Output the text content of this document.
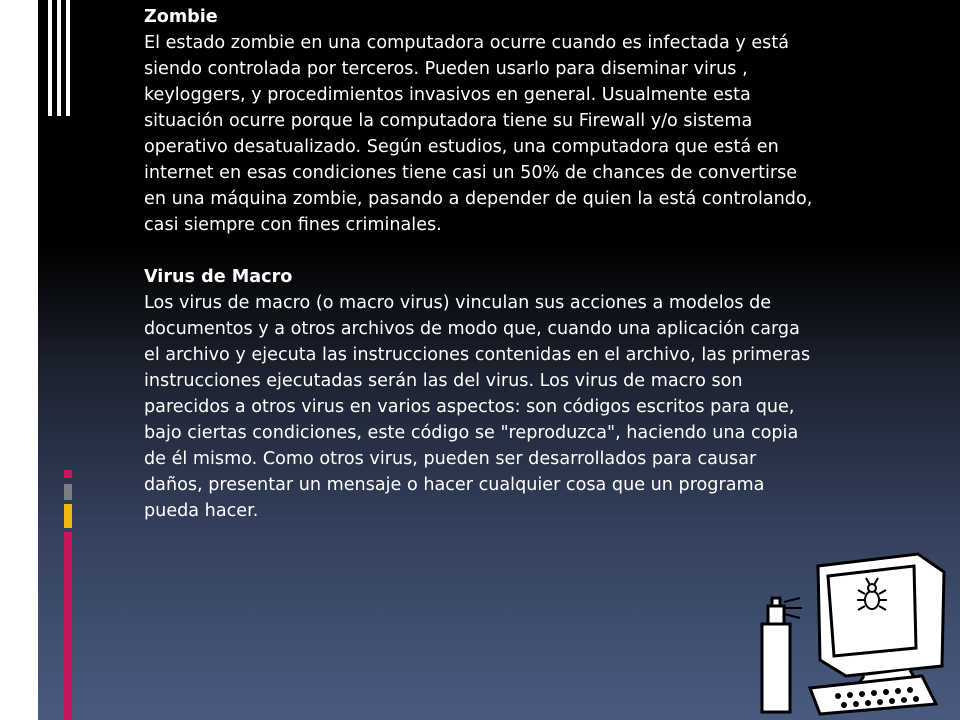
Zombie

El estado zombie en una computadora ocurre cuando es infectada y está siendo controlada por terceros. Pueden usarlo para diseminar virus , keyloggers, y procedimientos invasivos en general. Usualmente esta situación ocurre porque la computadora tiene su Firewall y/o sistema operativo desatualizado. Según estudios, una computadora que está en internet en esas condiciones tiene casi un 50% de chances de convertirse en una máquina zombie, pasando a depender de quien la está controlando, casi siempre con fines criminales.

Virus de Macro

Los virus de macro (o macro virus) vinculan sus acciones a modelos de documentos y a otros archivos de modo que, cuando una aplicación carga el archivo y ejecuta las instrucciones contenidas en el archivo, las primeras instrucciones ejecutadas serán las del virus. Los virus de macro son parecidos a otros virus en varios aspectos: son códigos escritos para que, bajo ciertas condiciones, este código se "reproduzca", haciendo una copia de él mismo. Como otros virus, pueden ser desarrollados para causar daños, presentar un mensaje o hacer cualquier cosa que un programa pueda hacer.
